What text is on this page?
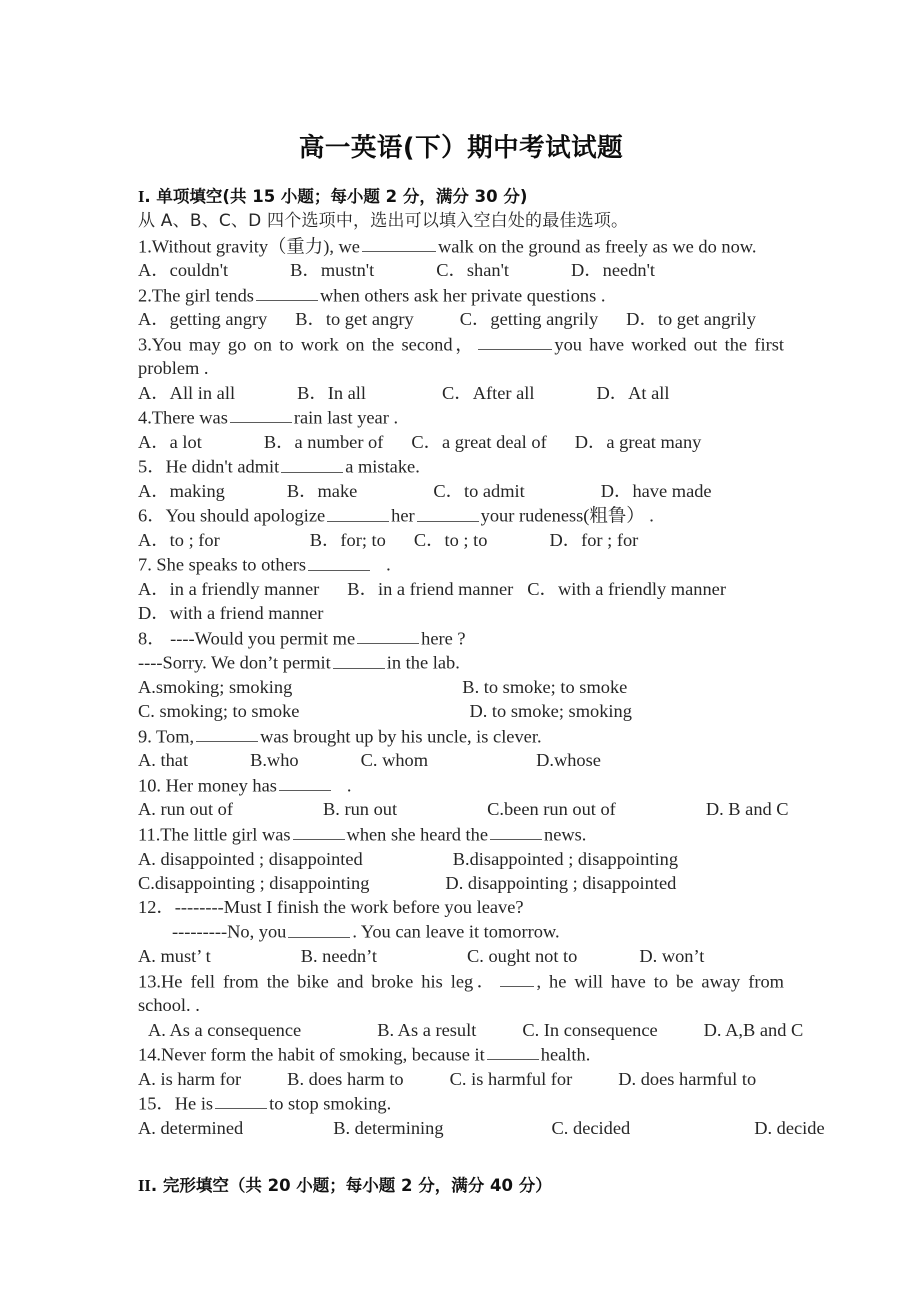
高一英语(下）期中考试试题
I. 单项填空(共 15 小题；每小题 2 分，满分 30 分)
从 A、B、C、D 四个选项中，选出可以填入空白处的最佳选项。
1.Without gravity（重力), we	walk on the ground as freely as we do now.
A．couldn't	B．mustn't	C．shan't	D．needn't
2.The girl tends	when others ask her private questions .
A．getting angry B．to get angry	C．getting angrily D．to get angrily
3.You may go on to work on the second，	you have worked out the first
problem .
A．All in all	B．In all	C．After all	D．At all
4.There was	rain last year .
A．a lot	B．a number of C．a great deal of D．a great many
5．He didn't admit	a mistake.
A．making	B．make	C．to admit	D．have made
6．You should apologize	her	your rudeness(粗鲁） .
A．to ; for	B．for; to C．to ; to	D．for ; for
7. She speaks to others	.
A．in a friendly manner B．in a friend manner C．with a friendly manner
D．with a friend manner
8． ----Would you permit me	here ?
----Sorry. We don’t permit	in the lab.
A.smoking; smoking	B. to smoke; to smoke
C. smoking; to smoke	D. to smoke; smoking
9. Tom,	was brought up by his uncle, is clever.
A. that	B.who	C. whom	D.whose
10. Her money has	.
A. run out of	B. run out	C.been run out of	D. B and C
11.The little girl was	when she heard the	news.
A. disappointed ; disappointed	B.disappointed ; disappointing
C.disappointing ; disappointing	D. disappointing ; disappointed
12．--------Must I finish the work before you leave?
---------No, you	. You can leave it tomorrow.
A. must’ t	B. needn’t	C. ought not to	D. won’t
13.He fell from the bike and broke his leg． , he will have to be away from
school. .
A. As a consequence	B. As a result	C. In consequence	D. A,B and C
14.Never form the habit of smoking, because it	health.
A. is harm for	B. does harm to	C. is harmful for	D. does harmful to
15．He is	to stop smoking.
A. determined	B. determining	C. decided	D. decide
II. 完形填空（共 20 小题；每小题 2 分，满分 40 分）
